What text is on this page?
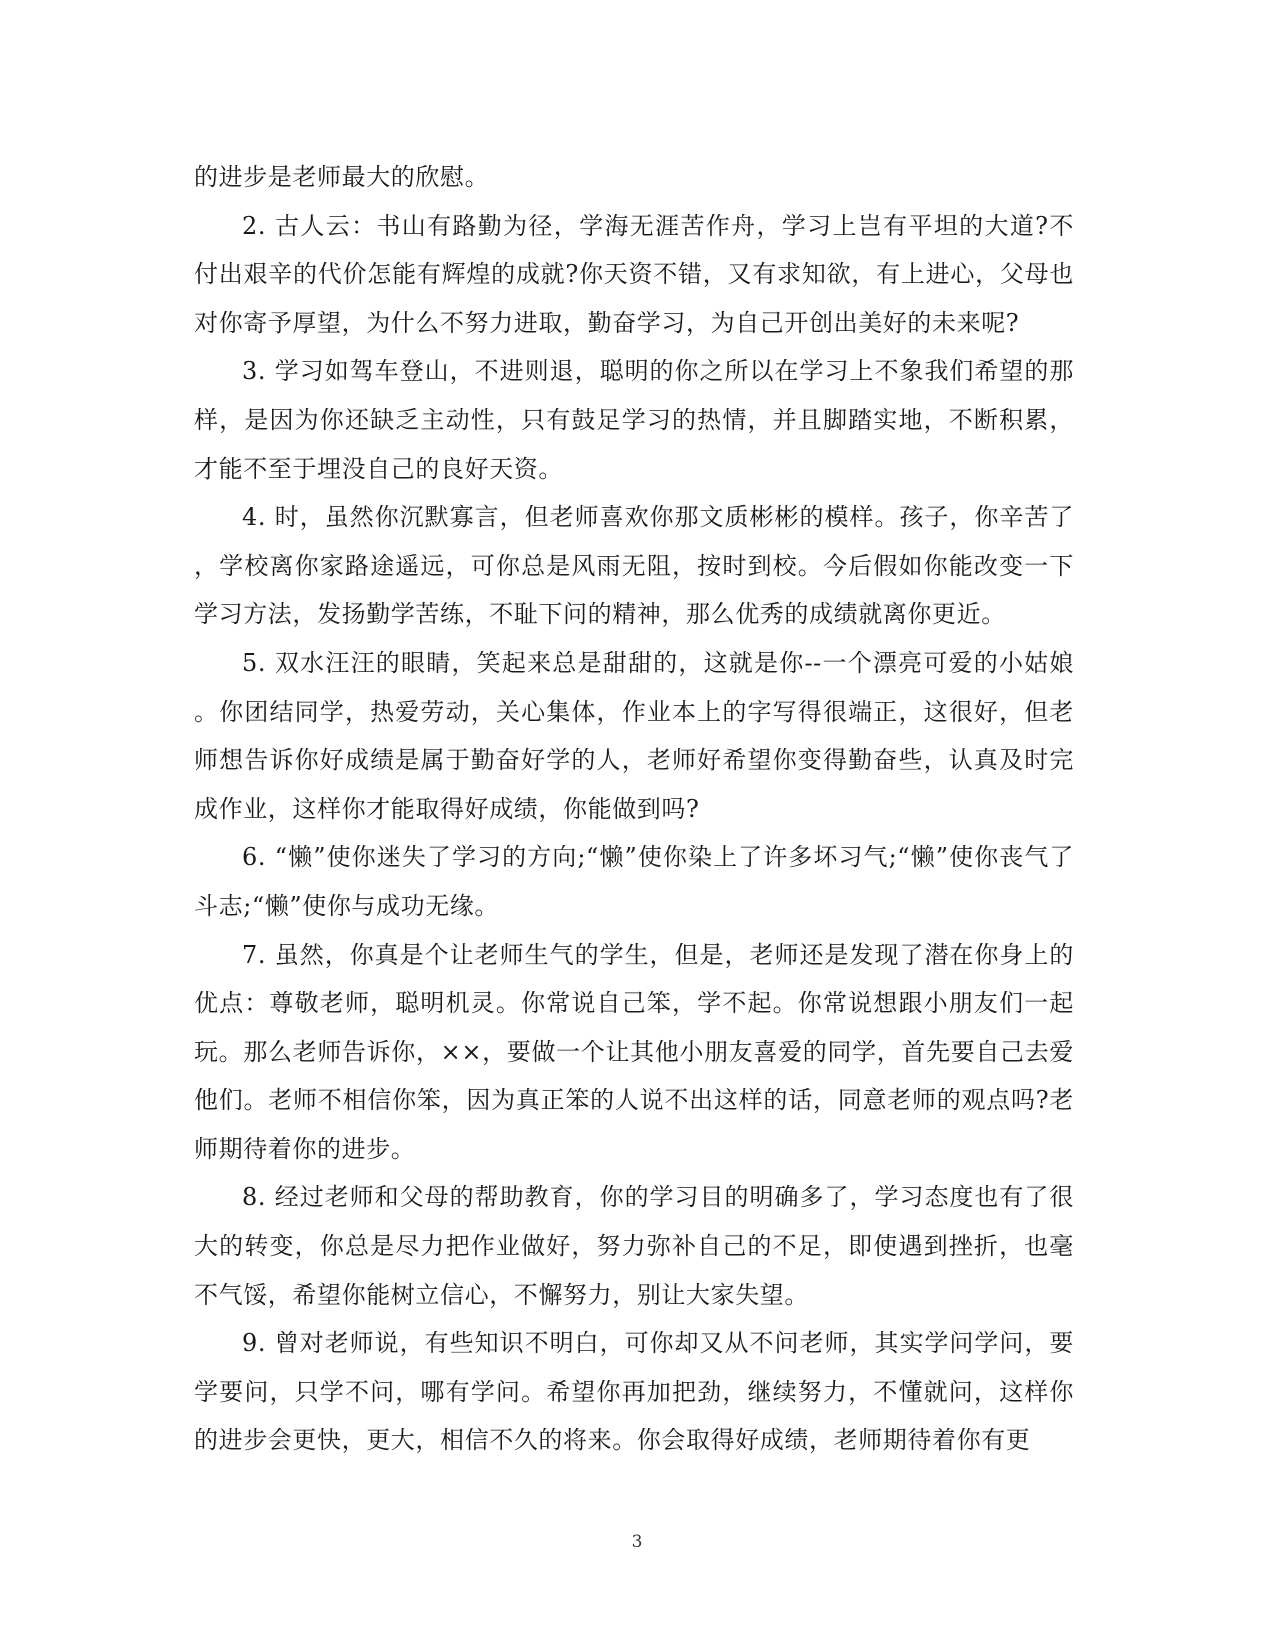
的进步是老师最大的欣慰。

2. 古人云：书山有路勤为径，学海无涯苦作舟，学习上岂有平坦的大道?不付出艰辛的代价怎能有辉煌的成就?你天资不错，又有求知欲，有上进心，父母也对你寄予厚望，为什么不努力进取，勤奋学习，为自己开创出美好的未来呢?

3. 学习如驾车登山，不进则退，聪明的你之所以在学习上不象我们希望的那样，是因为你还缺乏主动性，只有鼓足学习的热情，并且脚踏实地，不断积累，才能不至于埋没自己的良好天资。

4. 时，虽然你沉默寡言，但老师喜欢你那文质彬彬的模样。孩子，你辛苦了，学校离你家路途遥远，可你总是风雨无阻，按时到校。今后假如你能改变一下学习方法，发扬勤学苦练，不耻下问的精神，那么优秀的成绩就离你更近。

5. 双水汪汪的眼睛，笑起来总是甜甜的，这就是你--一个漂亮可爱的小姑娘。你团结同学，热爱劳动，关心集体，作业本上的字写得很端正，这很好，但老师想告诉你好成绩是属于勤奋好学的人，老师好希望你变得勤奋些，认真及时完成作业，这样你才能取得好成绩，你能做到吗?

6. “懒”使你迷失了学习的方向;“懒”使你染上了许多坏习气;“懒”使你丧气了斗志;“懒”使你与成功无缘。

7. 虽然，你真是个让老师生气的学生，但是，老师还是发现了潜在你身上的优点：尊敬老师，聪明机灵。你常说自己笨，学不起。你常说想跟小朋友们一起玩。那么老师告诉你，××，要做一个让其他小朋友喜爱的同学，首先要自己去爱他们。老师不相信你笨，因为真正笨的人说不出这样的话，同意老师的观点吗?老师期待着你的进步。

8. 经过老师和父母的帮助教育，你的学习目的明确多了，学习态度也有了很大的转变，你总是尽力把作业做好，努力弥补自己的不足，即使遇到挫折，也毫不气馁，希望你能树立信心，不懈努力，别让大家失望。

9. 曾对老师说，有些知识不明白，可你却又从不问老师，其实学问学问，要学要问，只学不问，哪有学问。希望你再加把劲，继续努力，不懂就问，这样你的进步会更快，更大，相信不久的将来。你会取得好成绩，老师期待着你有更

3
